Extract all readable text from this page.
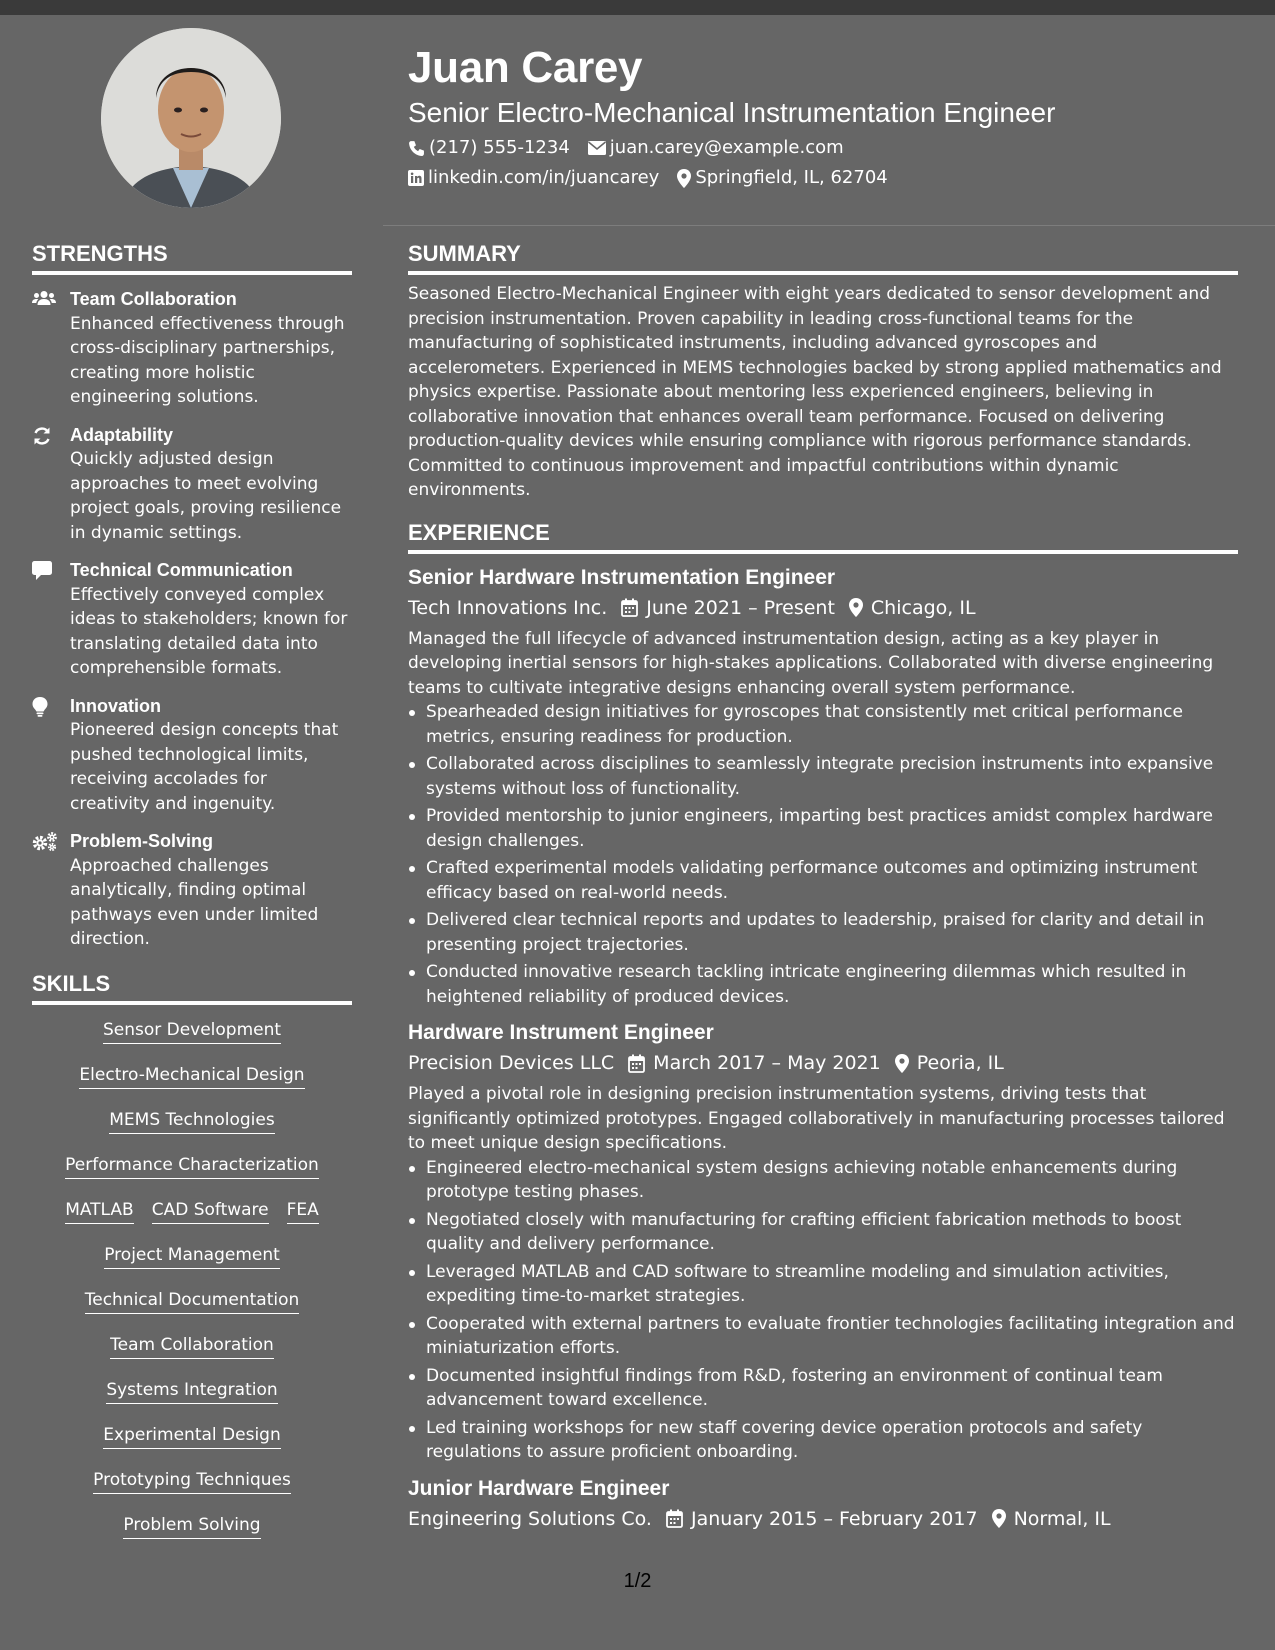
Juan Carey
Senior Electro-Mechanical Instrumentation Engineer
(217) 555-1234 juan.carey@example.com
linkedin.com/in/juancarey Springfield, IL, 62704
STRENGTHS
Team Collaboration
Enhanced effectiveness through cross-disciplinary partnerships, creating more holistic engineering solutions.
Adaptability
Quickly adjusted design approaches to meet evolving project goals, proving resilience in dynamic settings.
Technical Communication
Effectively conveyed complex ideas to stakeholders; known for translating detailed data into comprehensible formats.
Innovation
Pioneered design concepts that pushed technological limits, receiving accolades for creativity and ingenuity.
Problem-Solving
Approached challenges analytically, finding optimal pathways even under limited direction.
SKILLS
Sensor Development
Electro-Mechanical Design
MEMS Technologies
Performance Characterization
MATLAB CAD Software FEA
Project Management
Technical Documentation
Team Collaboration
Systems Integration
Experimental Design
Prototyping Techniques
Problem Solving
SUMMARY
Seasoned Electro-Mechanical Engineer with eight years dedicated to sensor development and precision instrumentation. Proven capability in leading cross-functional teams for the manufacturing of sophisticated instruments, including advanced gyroscopes and accelerometers. Experienced in MEMS technologies backed by strong applied mathematics and physics expertise. Passionate about mentoring less experienced engineers, believing in collaborative innovation that enhances overall team performance. Focused on delivering production-quality devices while ensuring compliance with rigorous performance standards. Committed to continuous improvement and impactful contributions within dynamic environments.
EXPERIENCE
Senior Hardware Instrumentation Engineer
Tech Innovations Inc. June 2021 – Present Chicago, IL
Managed the full lifecycle of advanced instrumentation design, acting as a key player in developing inertial sensors for high-stakes applications. Collaborated with diverse engineering teams to cultivate integrative designs enhancing overall system performance.
Spearheaded design initiatives for gyroscopes that consistently met critical performance metrics, ensuring readiness for production.
Collaborated across disciplines to seamlessly integrate precision instruments into expansive systems without loss of functionality.
Provided mentorship to junior engineers, imparting best practices amidst complex hardware design challenges.
Crafted experimental models validating performance outcomes and optimizing instrument efficacy based on real-world needs.
Delivered clear technical reports and updates to leadership, praised for clarity and detail in presenting project trajectories.
Conducted innovative research tackling intricate engineering dilemmas which resulted in heightened reliability of produced devices.
Hardware Instrument Engineer
Precision Devices LLC March 2017 – May 2021 Peoria, IL
Played a pivotal role in designing precision instrumentation systems, driving tests that significantly optimized prototypes. Engaged collaboratively in manufacturing processes tailored to meet unique design specifications.
Engineered electro-mechanical system designs achieving notable enhancements during prototype testing phases.
Negotiated closely with manufacturing for crafting efficient fabrication methods to boost quality and delivery performance.
Leveraged MATLAB and CAD software to streamline modeling and simulation activities, expediting time-to-market strategies.
Cooperated with external partners to evaluate frontier technologies facilitating integration and miniaturization efforts.
Documented insightful findings from R&D, fostering an environment of continual team advancement toward excellence.
Led training workshops for new staff covering device operation protocols and safety regulations to assure proficient onboarding.
Junior Hardware Engineer
Engineering Solutions Co. January 2015 – February 2017 Normal, IL
1/2
